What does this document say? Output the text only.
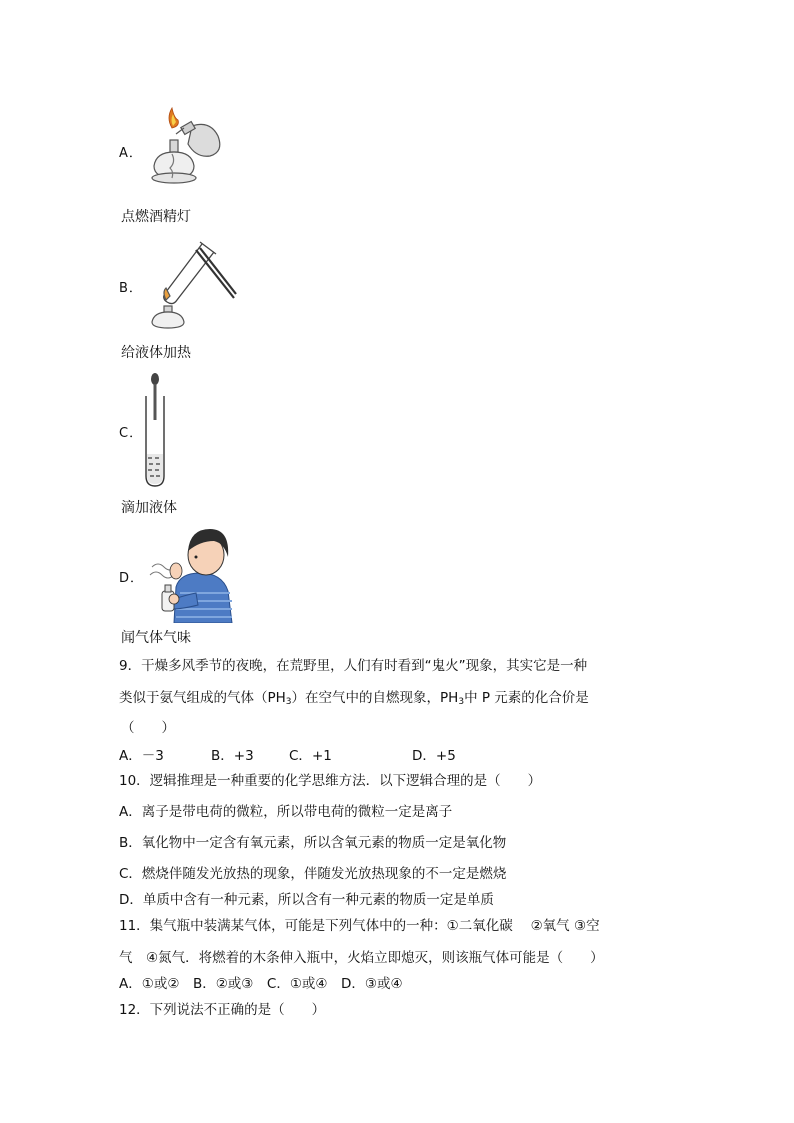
A．
点燃酒精灯
B．
给液体加热
C．
滴加液体
D．
闻气体气味
9．干燥多风季节的夜晚，在荒野里，人们有时看到“鬼火”现象，其实它是一种
类似于氨气组成的气体$(PH_3)$在空气中的自燃现象，$PH_3$中 P 元素的化合价是
（　　）
A．－3	B．+3	C．+1	D．+5
10．逻辑推理是一种重要的化学思维方法．以下逻辑合理的是（　　）
A．离子是带电荷的微粒，所以带电荷的微粒一定是离子
B．氧化物中一定含有氧元素，所以含氧元素的物质一定是氧化物
C．燃烧伴随发光放热的现象，伴随发光放热现象的不一定是燃烧
D．单质中含有一种元素，所以含有一种元素的物质一定是单质
11．集气瓶中装满某气体，可能是下列气体中的一种：①二氧化碳　 ②氧气 ③空
气　④氮气．将燃着的木条伸入瓶中，火焰立即熄灭，则该瓶气体可能是（　　）
A．①或②　B．②或③　C．①或④　D．③或④
12．下列说法不正确的是（　　）
